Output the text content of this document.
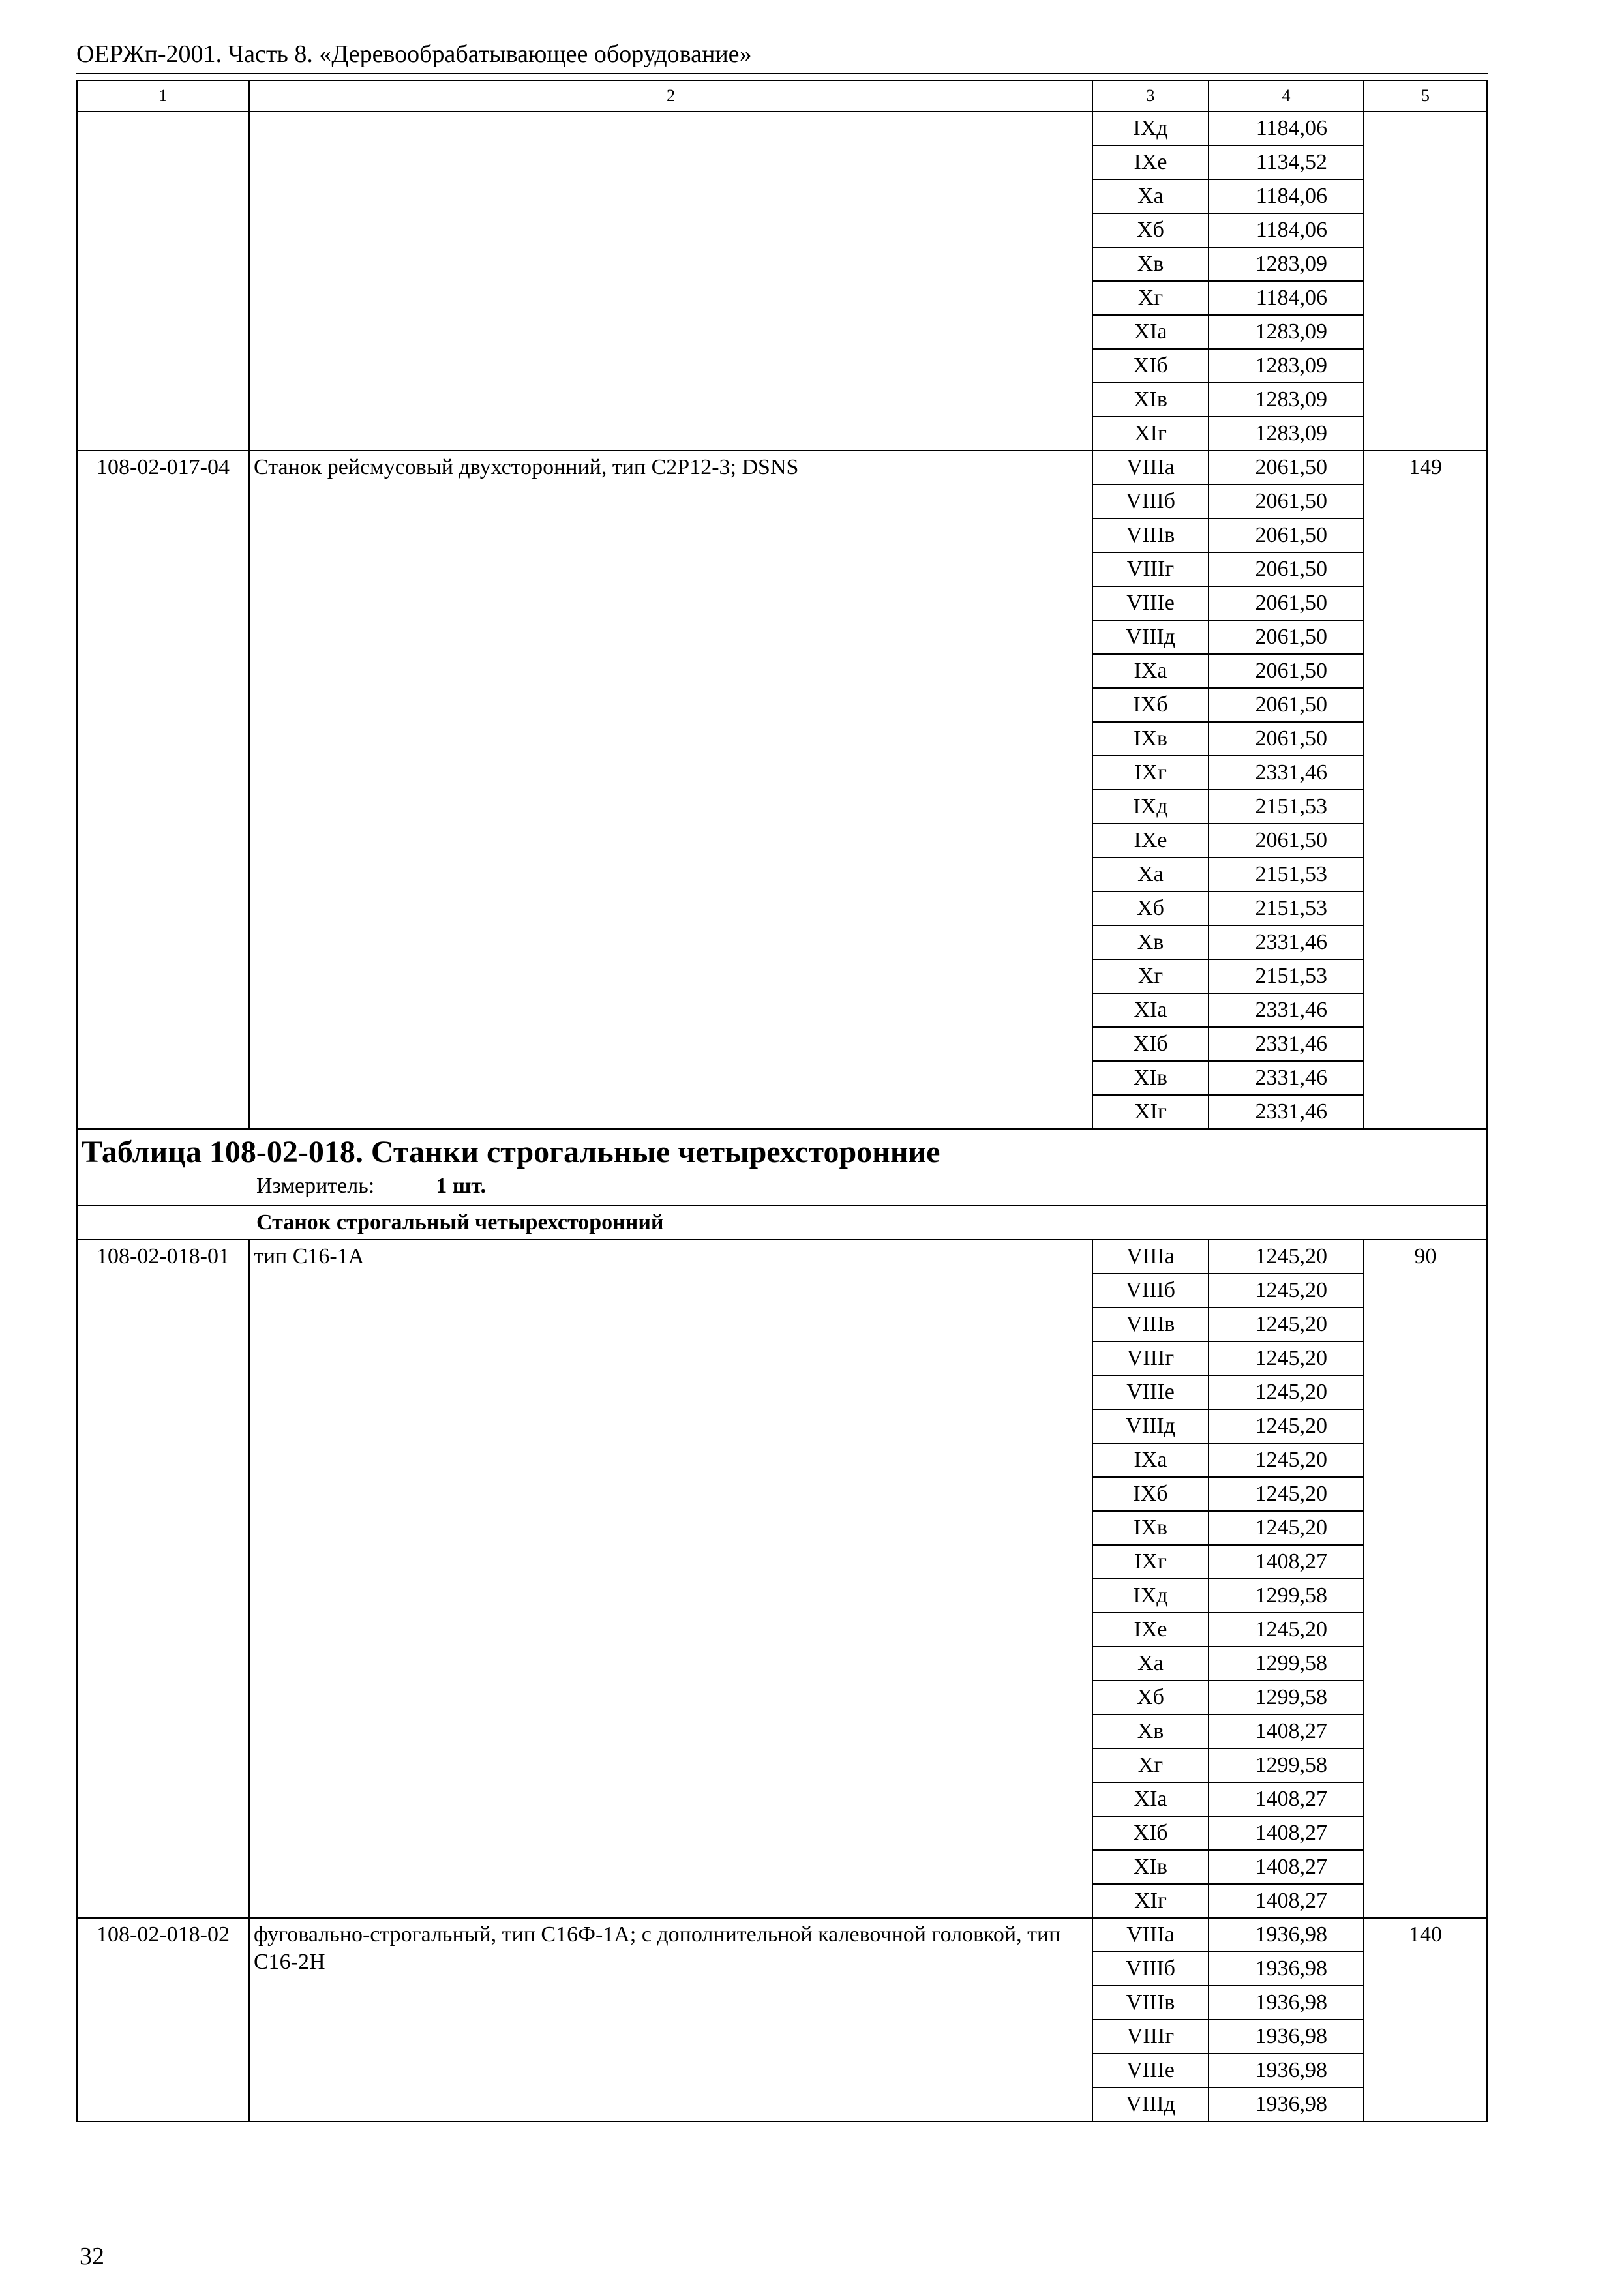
ОЕРЖп-2001. Часть 8. «Деревообрабатывающее оборудование»
1	2	3	4	5
		IXд	1184,06	
		IXе	1134,52	
		Xа	1184,06	
		Xб	1184,06	
		Xв	1283,09	
		Xг	1184,06	
		XIа	1283,09	
		XIб	1283,09	
		XIв	1283,09	
		XIг	1283,09	
108-02-017-04	Станок рейсмусовый двухсторонний, тип С2Р12-3; DSNS	VIIIа	2061,50	149
		VIIIб	2061,50	
		VIIIв	2061,50	
		VIIIг	2061,50	
		VIIIе	2061,50	
		VIIIд	2061,50	
		IXа	2061,50	
		IXб	2061,50	
		IXв	2061,50	
		IXг	2331,46	
		IXд	2151,53	
		IXе	2061,50	
		Xа	2151,53	
		Xб	2151,53	
		Xв	2331,46	
		Xг	2151,53	
		XIа	2331,46	
		XIб	2331,46	
		XIв	2331,46	
		XIг	2331,46	
Таблица 108-02-018. Станки строгальные четырехсторонние				
Измеритель: 1 шт.				
Станок строгальный четырехсторонний				
108-02-018-01	тип С16-1А	VIIIа	1245,20	90
		VIIIб	1245,20	
		VIIIв	1245,20	
		VIIIг	1245,20	
		VIIIе	1245,20	
		VIIIд	1245,20	
		IXа	1245,20	
		IXб	1245,20	
		IXв	1245,20	
		IXг	1408,27	
		IXд	1299,58	
		IXе	1245,20	
		Xа	1299,58	
		Xб	1299,58	
		Xв	1408,27	
		Xг	1299,58	
		XIа	1408,27	
		XIб	1408,27	
		XIв	1408,27	
		XIг	1408,27	
108-02-018-02	фуговально-строгальный, тип С16Ф-1А; с дополнительной калевочной головкой, тип С16-2Н	VIIIа	1936,98	140
		VIIIб	1936,98	
		VIIIв	1936,98	
		VIIIг	1936,98	
		VIIIе	1936,98	
		VIIIд	1936,98	
32
